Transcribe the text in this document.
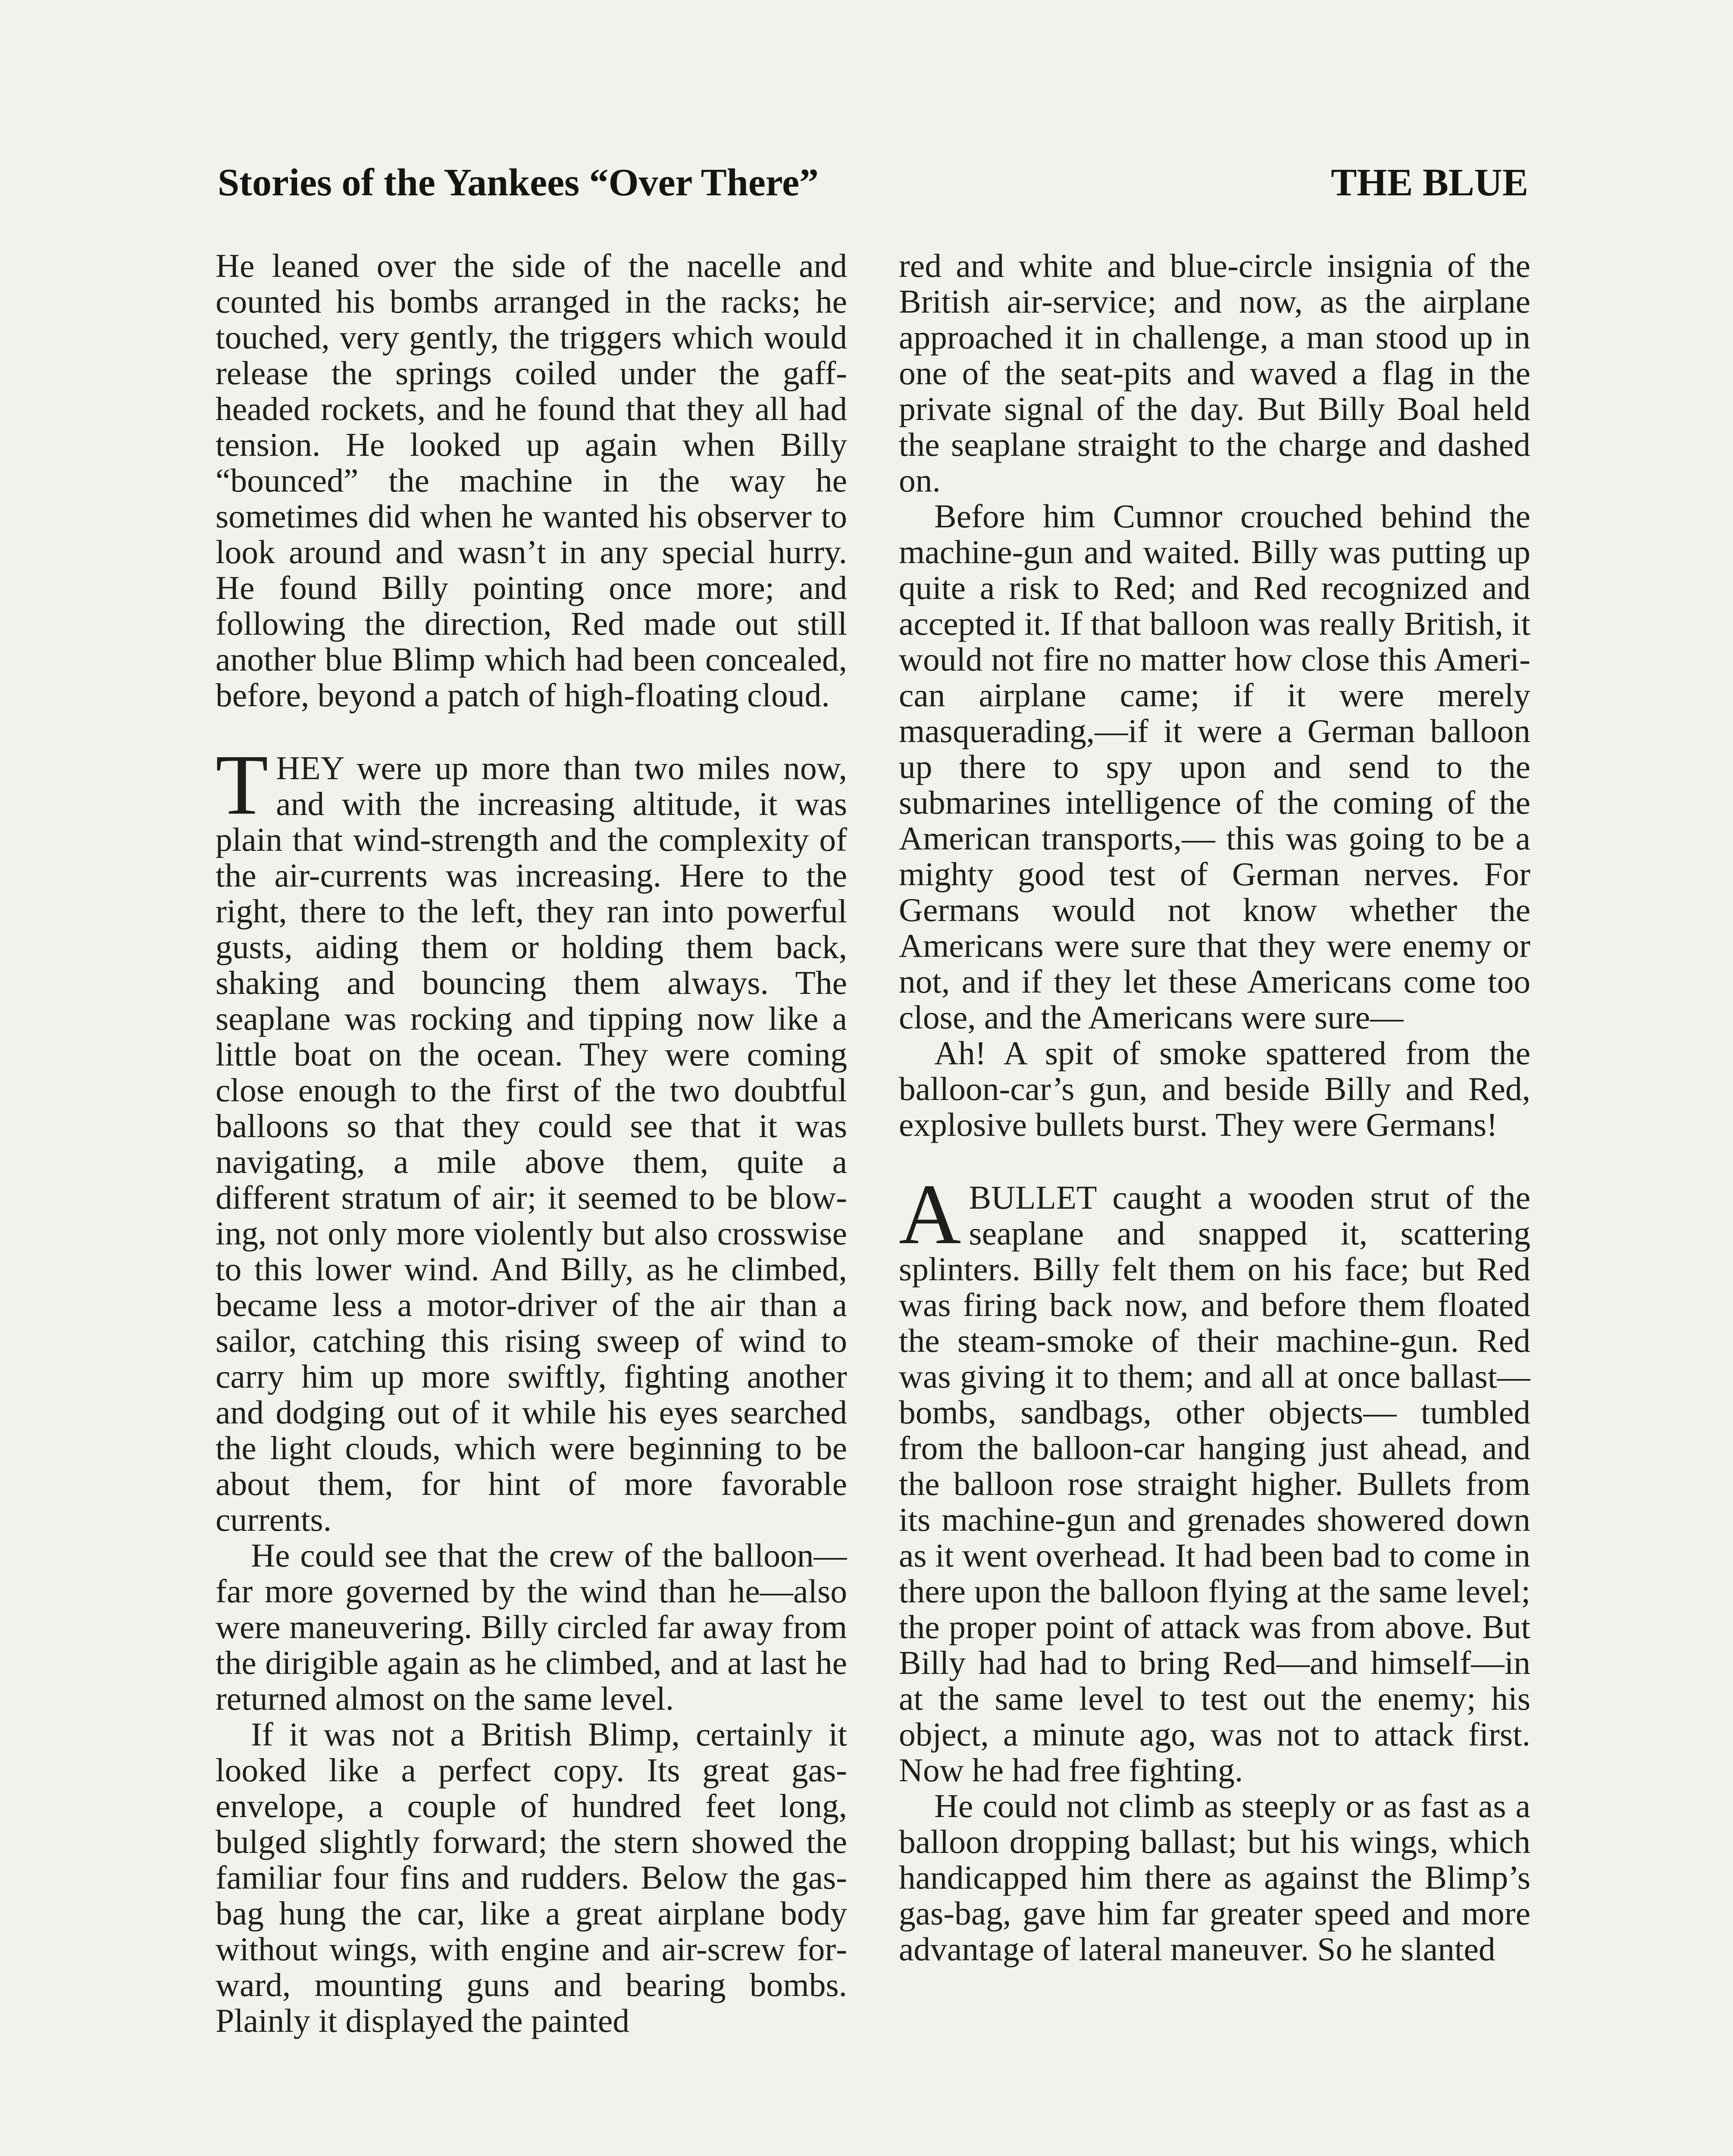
Stories of the Yankees “Over There”	THE BLUE

He leaned over the side of the nacelle and counted his bombs arranged in the racks; he touched, very gently, the triggers which would release the springs coiled under the gaff-headed rockets, and he found that they all had tension. He looked up again when Billy “bounced” the machine in the way he sometimes did when he wanted his observer to look around and wasn’t in any special hurry. He found Billy pointing once more; and following the direction, Red made out still another blue Blimp which had been concealed, before, beyond a patch of high-floating cloud.

THEY were up more than two miles now, and with the increasing altitude, it was plain that wind-strength and the complexity of the air-currents was increasing. Here to the right, there to the left, they ran into powerful gusts, aiding them or holding them back, shaking and bouncing them always. The seaplane was rocking and tipping now like a little boat on the ocean. They were coming close enough to the first of the two doubtful balloons so that they could see that it was navigating, a mile above them, quite a different stratum of air; it seemed to be blowing, not only more violently but also crosswise to this lower wind. And Billy, as he climbed, became less a motor-driver of the air than a sailor, catching this rising sweep of wind to carry him up more swiftly, fighting another and dodging out of it while his eyes searched the light clouds, which were beginning to be about them, for hint of more favorable currents.

He could see that the crew of the balloon—far more governed by the wind than he—also were maneuvering. Billy circled far away from the dirigible again as he climbed, and at last he returned almost on the same level.

If it was not a British Blimp, certainly it looked like a perfect copy. Its great gas-envelope, a couple of hundred feet long, bulged slightly forward; the stern showed the familiar four fins and rudders. Below the gas-bag hung the car, like a great airplane body without wings, with engine and air-screw forward, mounting guns and bearing bombs. Plainly it displayed the painted

red and white and blue-circle insignia of the British air-service; and now, as the airplane approached it in challenge, a man stood up in one of the seat-pits and waved a flag in the private signal of the day. But Billy Boal held the seaplane straight to the charge and dashed on.

Before him Cumnor crouched behind the machine-gun and waited. Billy was putting up quite a risk to Red; and Red recognized and accepted it. If that balloon was really British, it would not fire no matter how close this American airplane came; if it were merely masquerading,—if it were a German balloon up there to spy upon and send to the submarines intelligence of the coming of the American transports,— this was going to be a mighty good test of German nerves. For Germans would not know whether the Americans were sure that they were enemy or not, and if they let these Americans come too close, and the Americans were sure—

Ah! A spit of smoke spattered from the balloon-car’s gun, and beside Billy and Red, explosive bullets burst. They were Germans!

ABULLET caught a wooden strut of the seaplane and snapped it, scattering splinters. Billy felt them on his face; but Red was firing back now, and before them floated the steam-smoke of their machine-gun. Red was giving it to them; and all at once ballast—bombs, sandbags, other objects— tumbled from the balloon-car hanging just ahead, and the balloon rose straight higher. Bullets from its machine-gun and grenades showered down as it went overhead. It had been bad to come in there upon the balloon flying at the same level; the proper point of attack was from above. But Billy had had to bring Red—and himself—in at the same level to test out the enemy; his object, a minute ago, was not to attack first. Now he had free fighting.

He could not climb as steeply or as fast as a balloon dropping ballast; but his wings, which handicapped him there as against the Blimp’s gas-bag, gave him far greater speed and more advantage of lateral maneuver. So he slanted
